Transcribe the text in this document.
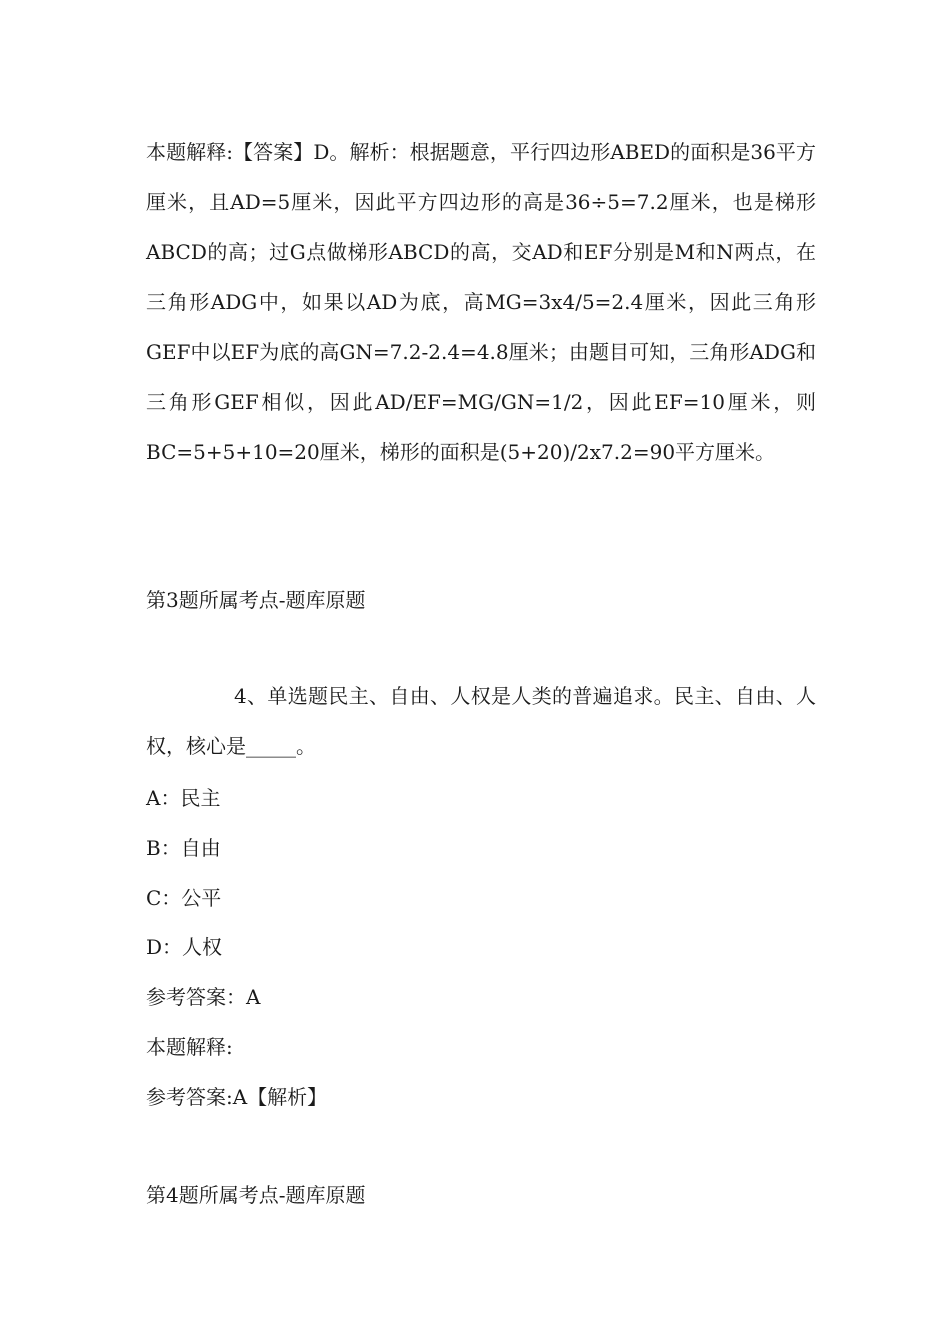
本题解释:【答案】D。解析：根据题意，平行四边形ABED的面积是36平方厘米，且AD=5厘米，因此平方四边形的高是36÷5=7.2厘米，也是梯形ABCD的高；过G点做梯形ABCD的高，交AD和EF分别是M和N两点，在三角形ADG中，如果以AD为底，高MG=3x4/5=2.4厘米，因此三角形GEF中以EF为底的高GN=7.2-2.4=4.8厘米；由题目可知，三角形ADG和三角形GEF相似，因此AD/EF=MG/GN=1/2，因此EF=10厘米，则BC=5+5+10=20厘米，梯形的面积是(5+20)/2x7.2=90平方厘米。

第3题所属考点-题库原题

4、单选题民主、自由、人权是人类的普遍追求。民主、自由、人权，核心是_____。

A：民主

B：自由

C：公平

D：人权

参考答案：A

本题解释:

参考答案:A【解析】

第4题所属考点-题库原题
